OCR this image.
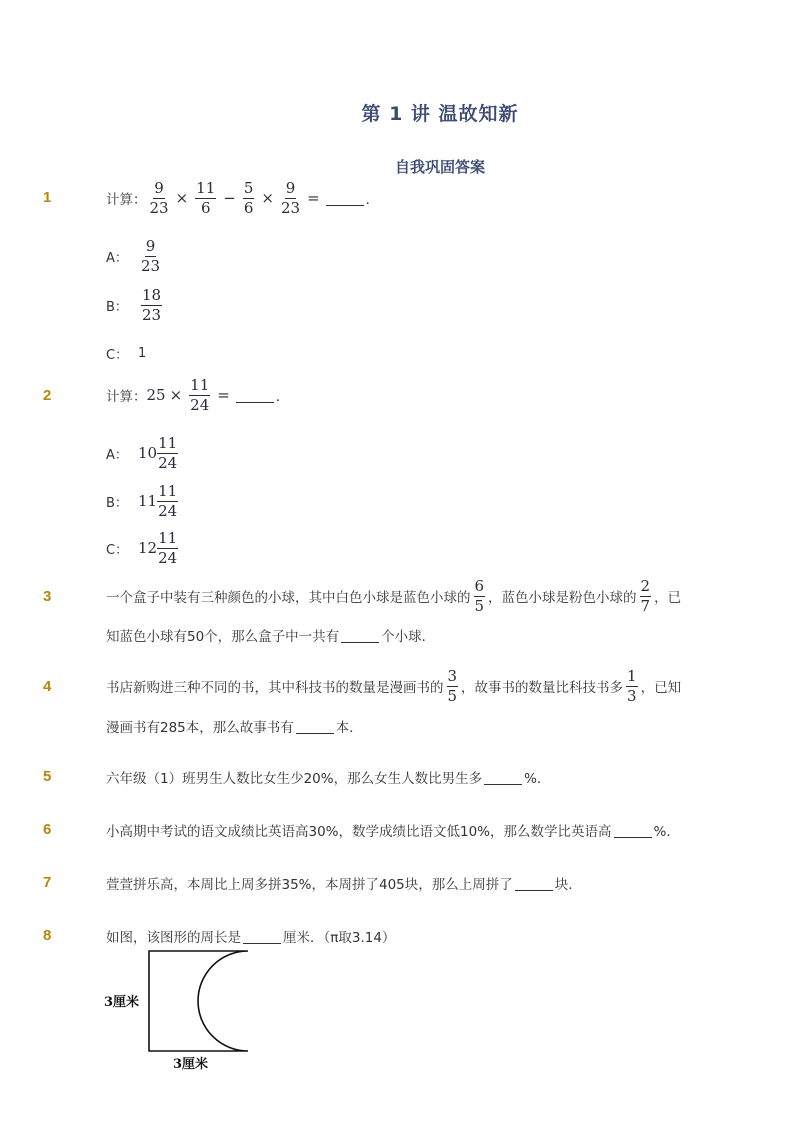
第 1 讲 温故知新
自我巩固答案
1	计算： $\frac{9}{23} \times \frac{11}{6} - \frac{5}{6} \times \frac{9}{23}$ =	．
A： $\frac{9}{23}$
B： $\frac{18}{23}$
C： 1
2	计算： $25 \times \frac{11}{24}$ =	．
A： $10 \frac{11}{24}$
B： $11 \frac{11}{24}$
C： $12 \frac{11}{24}$
3	一个盒子中装有三种颜色的小球，其中白色小球是蓝色小球的 $\frac{6}{5}$ ，蓝色小球是粉色小球的 $\frac{2}{7}$ ，已
知蓝色小球有50个，那么盒子中一共有	个小球．
4	书店新购进三种不同的书，其中科技书的数量是漫画书的 $\frac{3}{5}$ ，故事书的数量比科技书多 $\frac{1}{3}$ ，已知
漫画书有285本，那么故事书有	本．
5	六年级（1）班男生人数比女生少20%，那么女生人数比男生多	%．
6	小高期中考试的语文成绩比英语高30%，数学成绩比语文低10%，那么数学比英语高	%．
7	萱萱拼乐高，本周比上周多拼35%，本周拼了405块，那么上周拼了	块．
8	如图，该图形的周长是	厘米．（π取3.14）
3厘米
3厘米
